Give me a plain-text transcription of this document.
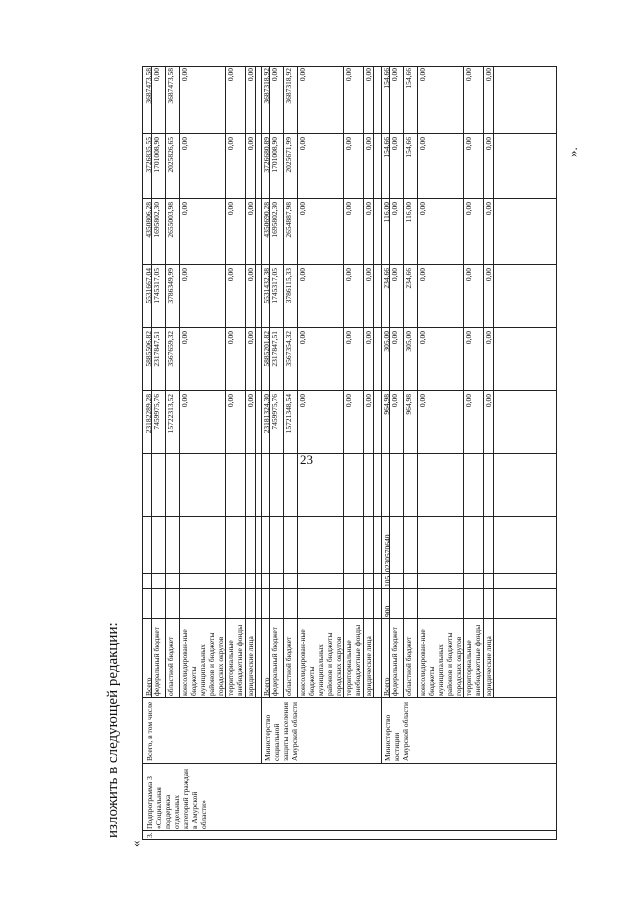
23
изложить в следующей редакции:
«
3.
Подпрограмма 3 «Социальная поддержка отдельных категорий граждан в Амурской области»
Всего, в том числе
Всего
23182289,28
5885506,82
5531667,04
4350806,28
3726835,55
3687473,58
федеральный бюджет
7459975,76
2317847,51
1745317,05
1695802,30
1701008,90
0,00
областной бюджет
15722313,52
3567659,32
3786349,99
2655003,98
2025826,65
3687473,58
консолидирован-ные бюджеты муниципальных районов и бюджеты городских округов
0,00
0,00
0,00
0,00
0,00
0,00
территориальные внебюджетные фонды
0,00
0,00
0,00
0,00
0,00
0,00
юридические лица
0,00
0,00
0,00
0,00
0,00
0,00
Министерство социальной защиты населения Амурской области
Всего
23181324,30
5885201,82
5531432,38
4350690,28
3726680,89
3687318,92
федеральный бюджет
7459975,76
2317847,51
1745317,05
1695802,30
1701008,90
0,00
областной бюджет
15721348,54
3567354,32
3786115,33
2654887,98
2025671,99
3687318,92
консолидирован-ные бюджеты муниципальных районов и бюджеты городских округов
0,00
0,00
0,00
0,00
0,00
0,00
территориальные внебюджетные фонды
0,00
0,00
0,00
0,00
0,00
0,00
юридические лица
0,00
0,00
0,00
0,00
0,00
0,00
Министерство юстиции Амурской области
900
105
0230570640
Всего
964,98
305,00
234,66
116,00
154,66
154,66
федеральный бюджет
0,00
0,00
0,00
0,00
0,00
0,00
областной бюджет
964,98
305,00
234,66
116,00
154,66
154,66
консолидирован-ные бюджеты муниципальных районов и бюджеты городских округов
0,00
0,00
0,00
0,00
0,00
0,00
территориальные внебюджетные фонды
0,00
0,00
0,00
0,00
0,00
0,00
юридические лица
0,00
0,00
0,00
0,00
0,00
0,00
».
